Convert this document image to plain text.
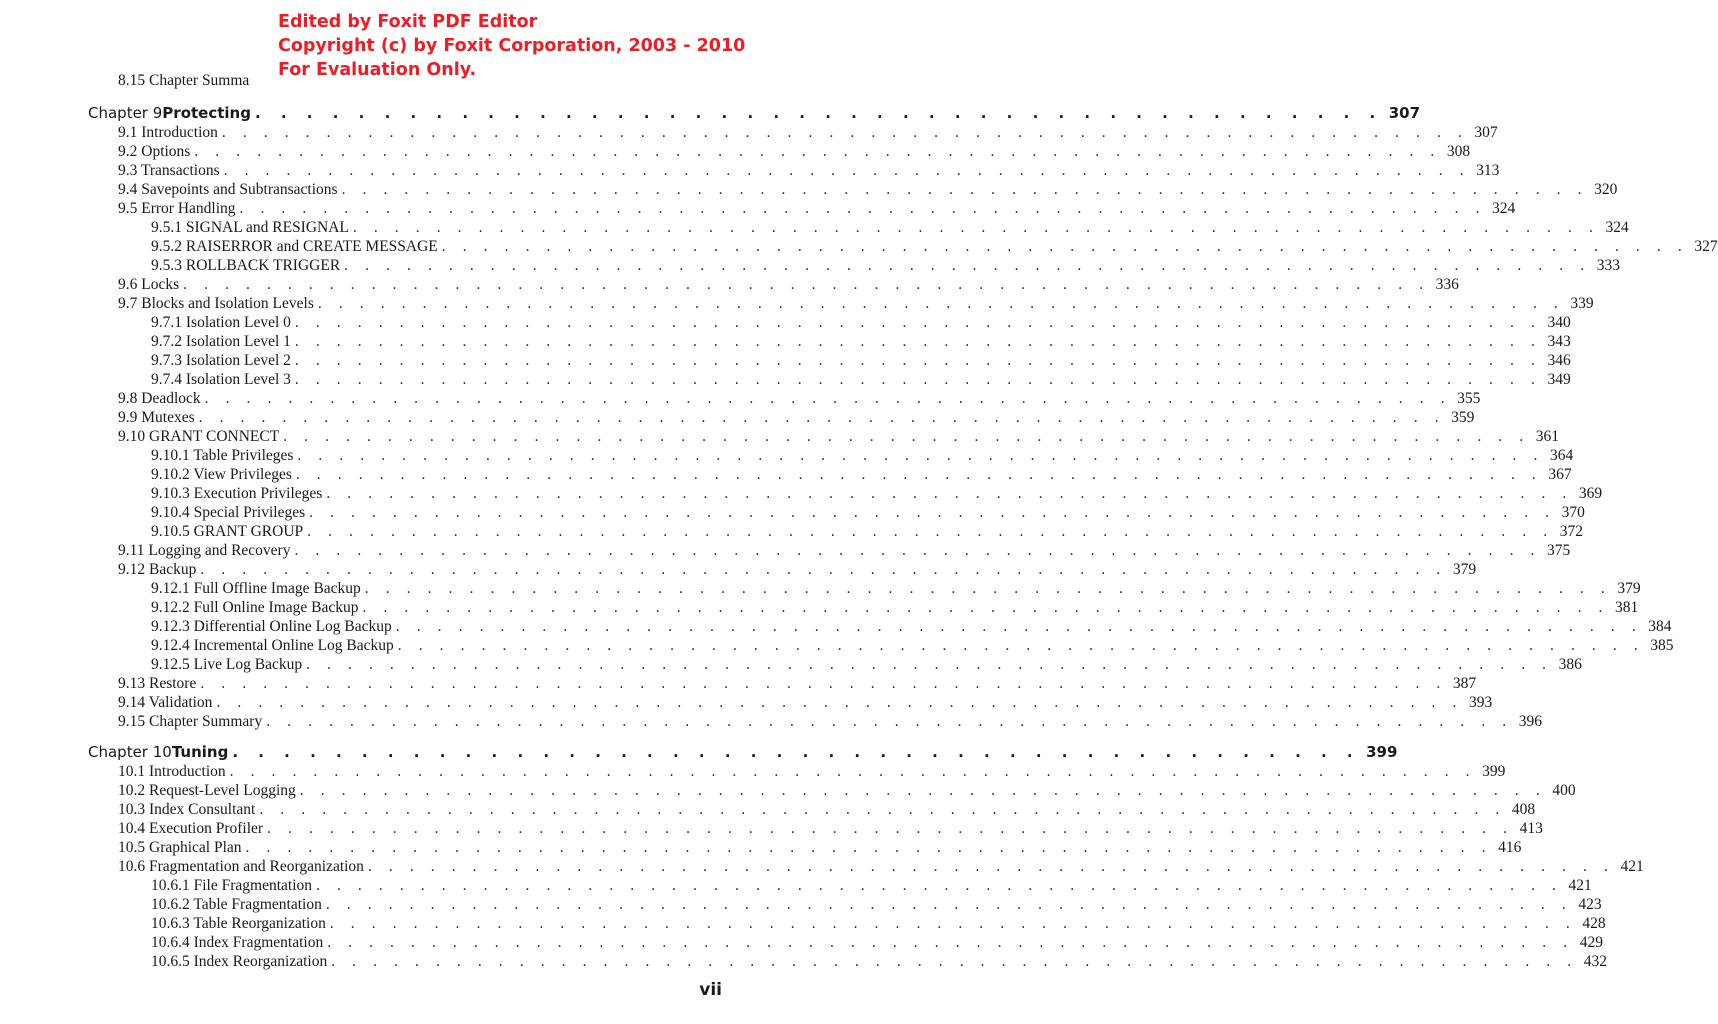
Edited by Foxit PDF Editor
Copyright (c) by Foxit Corporation, 2003 - 2010
For Evaluation Only.
8.15 Chapter Summa
Chapter 9 Protecting . . . . . . . . . . . . . . . . . . . . . . . . . . . . . . . . . . . . . . . . . . . . 307
9.1 Introduction . . . . . . . . . . . . . . . . . . . . . . . . . . . . . . . . . . . . . . . . . . . . . . . . . . . . . . . . . . . . 307
9.2 Options . . . . . . . . . . . . . . . . . . . . . . . . . . . . . . . . . . . . . . . . . . . . . . . . . . . . . . . . . . . . 308
9.3 Transactions . . . . . . . . . . . . . . . . . . . . . . . . . . . . . . . . . . . . . . . . . . . . . . . . . . . . . . . . . . . . 313
9.4 Savepoints and Subtransactions . . . . . . . . . . . . . . . . . . . . . . . . . . . . . . . . . . . . . . . . . . . . . . . . . . . . . . . . . . . . 320
9.5 Error Handling . . . . . . . . . . . . . . . . . . . . . . . . . . . . . . . . . . . . . . . . . . . . . . . . . . . . . . . . . . . . 324
9.5.1 SIGNAL and RESIGNAL . . . . . . . . . . . . . . . . . . . . . . . . . . . . . . . . . . . . . . . . . . . . . . . . . . . . . . . . . . . . 324
9.5.2 RAISERROR and CREATE MESSAGE . . . . . . . . . . . . . . . . . . . . . . . . . . . . . . . . . . . . . . . . . . . . . . . . . . . . . . . . . . . . 327
9.5.3 ROLLBACK TRIGGER . . . . . . . . . . . . . . . . . . . . . . . . . . . . . . . . . . . . . . . . . . . . . . . . . . . . . . . . . . . . 333
9.6 Locks . . . . . . . . . . . . . . . . . . . . . . . . . . . . . . . . . . . . . . . . . . . . . . . . . . . . . . . . . . . . 336
9.7 Blocks and Isolation Levels . . . . . . . . . . . . . . . . . . . . . . . . . . . . . . . . . . . . . . . . . . . . . . . . . . . . . . . . . . . . 339
9.7.1 Isolation Level 0 . . . . . . . . . . . . . . . . . . . . . . . . . . . . . . . . . . . . . . . . . . . . . . . . . . . . . . . . . . . . 340
9.7.2 Isolation Level 1 . . . . . . . . . . . . . . . . . . . . . . . . . . . . . . . . . . . . . . . . . . . . . . . . . . . . . . . . . . . . 343
9.7.3 Isolation Level 2 . . . . . . . . . . . . . . . . . . . . . . . . . . . . . . . . . . . . . . . . . . . . . . . . . . . . . . . . . . . . 346
9.7.4 Isolation Level 3 . . . . . . . . . . . . . . . . . . . . . . . . . . . . . . . . . . . . . . . . . . . . . . . . . . . . . . . . . . . . 349
9.8 Deadlock . . . . . . . . . . . . . . . . . . . . . . . . . . . . . . . . . . . . . . . . . . . . . . . . . . . . . . . . . . . . 355
9.9 Mutexes . . . . . . . . . . . . . . . . . . . . . . . . . . . . . . . . . . . . . . . . . . . . . . . . . . . . . . . . . . . . 359
9.10 GRANT CONNECT . . . . . . . . . . . . . . . . . . . . . . . . . . . . . . . . . . . . . . . . . . . . . . . . . . . . . . . . . . . . 361
9.10.1 Table Privileges . . . . . . . . . . . . . . . . . . . . . . . . . . . . . . . . . . . . . . . . . . . . . . . . . . . . . . . . . . . . 364
9.10.2 View Privileges . . . . . . . . . . . . . . . . . . . . . . . . . . . . . . . . . . . . . . . . . . . . . . . . . . . . . . . . . . . . 367
9.10.3 Execution Privileges . . . . . . . . . . . . . . . . . . . . . . . . . . . . . . . . . . . . . . . . . . . . . . . . . . . . . . . . . . . . 369
9.10.4 Special Privileges . . . . . . . . . . . . . . . . . . . . . . . . . . . . . . . . . . . . . . . . . . . . . . . . . . . . . . . . . . . . 370
9.10.5 GRANT GROUP . . . . . . . . . . . . . . . . . . . . . . . . . . . . . . . . . . . . . . . . . . . . . . . . . . . . . . . . . . . . 372
9.11 Logging and Recovery . . . . . . . . . . . . . . . . . . . . . . . . . . . . . . . . . . . . . . . . . . . . . . . . . . . . . . . . . . . . 375
9.12 Backup . . . . . . . . . . . . . . . . . . . . . . . . . . . . . . . . . . . . . . . . . . . . . . . . . . . . . . . . . . . . 379
9.12.1 Full Offline Image Backup . . . . . . . . . . . . . . . . . . . . . . . . . . . . . . . . . . . . . . . . . . . . . . . . . . . . . . . . . . . . 379
9.12.2 Full Online Image Backup . . . . . . . . . . . . . . . . . . . . . . . . . . . . . . . . . . . . . . . . . . . . . . . . . . . . . . . . . . . . 381
9.12.3 Differential Online Log Backup . . . . . . . . . . . . . . . . . . . . . . . . . . . . . . . . . . . . . . . . . . . . . . . . . . . . . . . . . . . . 384
9.12.4 Incremental Online Log Backup . . . . . . . . . . . . . . . . . . . . . . . . . . . . . . . . . . . . . . . . . . . . . . . . . . . . . . . . . . . . 385
9.12.5 Live Log Backup . . . . . . . . . . . . . . . . . . . . . . . . . . . . . . . . . . . . . . . . . . . . . . . . . . . . . . . . . . . . 386
9.13 Restore . . . . . . . . . . . . . . . . . . . . . . . . . . . . . . . . . . . . . . . . . . . . . . . . . . . . . . . . . . . . 387
9.14 Validation . . . . . . . . . . . . . . . . . . . . . . . . . . . . . . . . . . . . . . . . . . . . . . . . . . . . . . . . . . . . 393
9.15 Chapter Summary . . . . . . . . . . . . . . . . . . . . . . . . . . . . . . . . . . . . . . . . . . . . . . . . . . . . . . . . . . . . 396
Chapter 10 Tuning . . . . . . . . . . . . . . . . . . . . . . . . . . . . . . . . . . . . . . . . . . . . 399
10.1 Introduction . . . . . . . . . . . . . . . . . . . . . . . . . . . . . . . . . . . . . . . . . . . . . . . . . . . . . . . . . . . . 399
10.2 Request-Level Logging . . . . . . . . . . . . . . . . . . . . . . . . . . . . . . . . . . . . . . . . . . . . . . . . . . . . . . . . . . . . 400
10.3 Index Consultant . . . . . . . . . . . . . . . . . . . . . . . . . . . . . . . . . . . . . . . . . . . . . . . . . . . . . . . . . . . . 408
10.4 Execution Profiler . . . . . . . . . . . . . . . . . . . . . . . . . . . . . . . . . . . . . . . . . . . . . . . . . . . . . . . . . . . . 413
10.5 Graphical Plan . . . . . . . . . . . . . . . . . . . . . . . . . . . . . . . . . . . . . . . . . . . . . . . . . . . . . . . . . . . . 416
10.6 Fragmentation and Reorganization . . . . . . . . . . . . . . . . . . . . . . . . . . . . . . . . . . . . . . . . . . . . . . . . . . . . . . . . . . . . 421
10.6.1 File Fragmentation . . . . . . . . . . . . . . . . . . . . . . . . . . . . . . . . . . . . . . . . . . . . . . . . . . . . . . . . . . . . 421
10.6.2 Table Fragmentation . . . . . . . . . . . . . . . . . . . . . . . . . . . . . . . . . . . . . . . . . . . . . . . . . . . . . . . . . . . . 423
10.6.3 Table Reorganization . . . . . . . . . . . . . . . . . . . . . . . . . . . . . . . . . . . . . . . . . . . . . . . . . . . . . . . . . . . . 428
10.6.4 Index Fragmentation . . . . . . . . . . . . . . . . . . . . . . . . . . . . . . . . . . . . . . . . . . . . . . . . . . . . . . . . . . . . 429
10.6.5 Index Reorganization . . . . . . . . . . . . . . . . . . . . . . . . . . . . . . . . . . . . . . . . . . . . . . . . . . . . . . . . . . . . 432
vii
